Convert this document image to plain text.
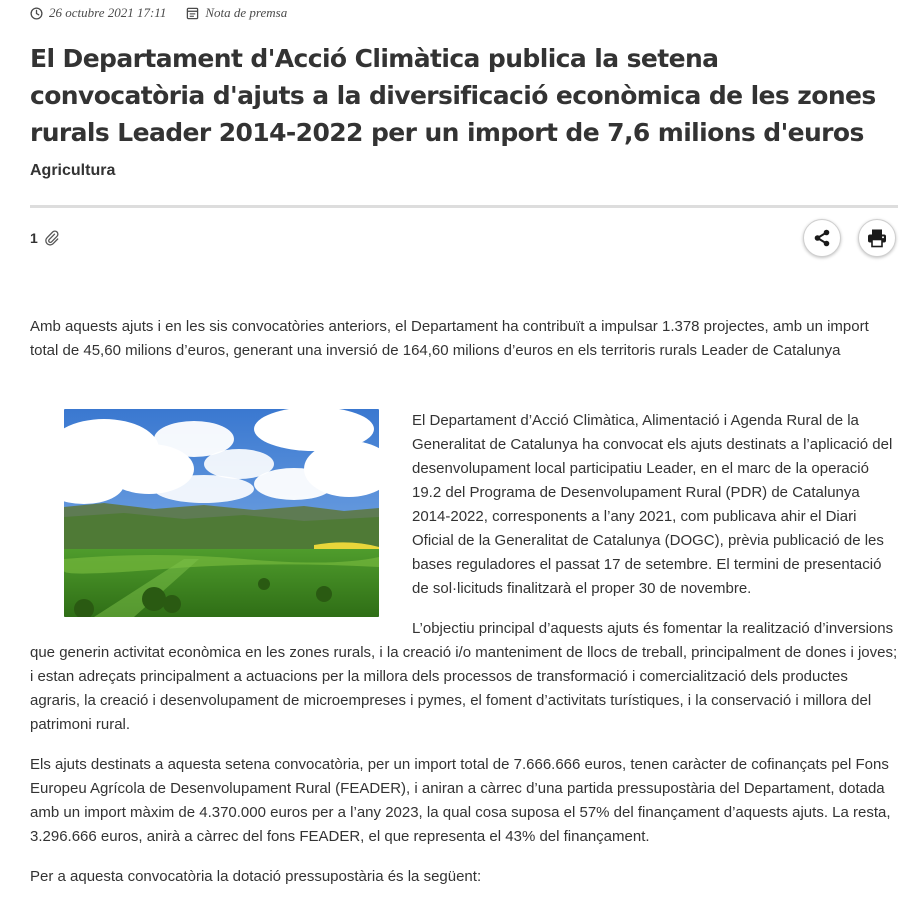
26 octubre 2021 17:11	Nota de premsa
El Departament d'Acció Climàtica publica la setena convocatòria d'ajuts a la diversificació econòmica de les zones rurals Leader 2014-2022 per un import de 7,6 milions d'euros
Agricultura
1

Amb aquests ajuts i en les sis convocatòries anteriors, el Departament ha contribuït a impulsar 1.378 projectes, amb un import total de 45,60 milions d’euros, generant una inversió de 164,60 milions d’euros en els territoris rurals Leader de Catalunya

El Departament d’Acció Climàtica, Alimentació i Agenda Rural de la Generalitat de Catalunya ha convocat els ajuts destinats a l’aplicació del desenvolupament local participatiu Leader, en el marc de la operació 19.2 del Programa de Desenvolupament Rural (PDR) de Catalunya 2014-2022, corresponents a l’any 2021, com publicava ahir el Diari Oficial de la Generalitat de Catalunya (DOGC), prèvia publicació de les bases reguladores el passat 17 de setembre. El termini de presentació de sol·licituds finalitzarà el proper 30 de novembre.

L’objectiu principal d’aquests ajuts és fomentar la realització d’inversions que generin activitat econòmica en les zones rurals, i la creació i/o manteniment de llocs de treball, principalment de dones i joves; i estan adreçats principalment a actuacions per la millora dels processos de transformació i comercialització dels productes agraris, la creació i desenvolupament de microempreses i pymes, el foment d’activitats turístiques, i la conservació i millora del patrimoni rural.

Els ajuts destinats a aquesta setena convocatòria, per un import total de 7.666.666 euros, tenen caràcter de cofinançats pel Fons Europeu Agrícola de Desenvolupament Rural (FEADER), i aniran a càrrec d’una partida pressupostària del Departament, dotada amb un import màxim de 4.370.000 euros per a l’any 2023, la qual cosa suposa el 57% del finançament d’aquests ajuts. La resta, 3.296.666 euros, anirà a càrrec del fons FEADER, el que representa el 43% del finançament.

Per a aquesta convocatòria la dotació pressupostària és la següent:
